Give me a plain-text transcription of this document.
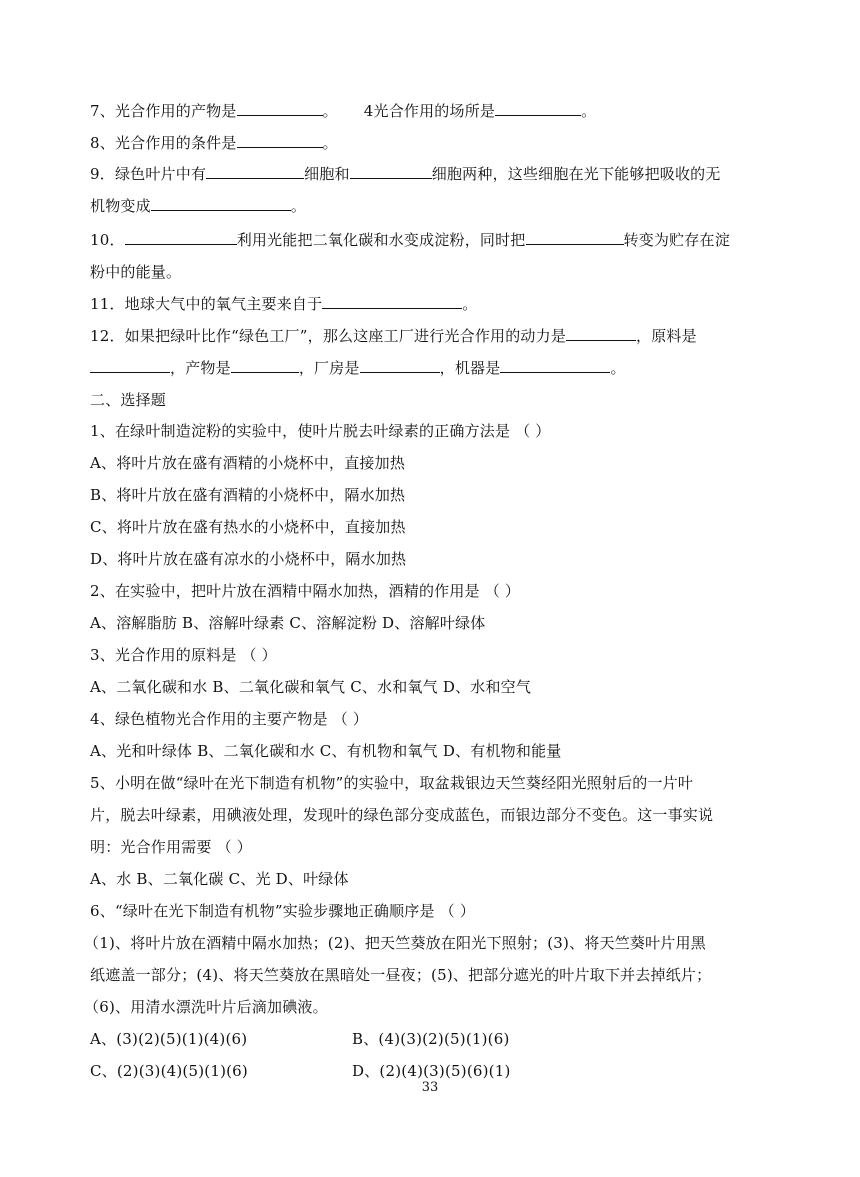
7、光合作用的产物是	。 4光合作用的场所是	。
8、光合作用的条件是	。
9．绿色叶片中有	细胞和	细胞两种，这些细胞在光下能够把吸收的无
机物变成	。
10．	利用光能把二氧化碳和水变成淀粉，同时把	转变为贮存在淀
粉中的能量。
11．地球大气中的氧气主要来自于	。
12．如果把绿叶比作“绿色工厂”，那么这座工厂进行光合作用的动力是	，原料是
，产物是	，厂房是	，机器是	。
二、选择题
1、在绿叶制造淀粉的实验中，使叶片脱去叶绿素的正确方法是 （ ）
A、将叶片放在盛有酒精的小烧杯中，直接加热
B、将叶片放在盛有酒精的小烧杯中，隔水加热
C、将叶片放在盛有热水的小烧杯中，直接加热
D、将叶片放在盛有凉水的小烧杯中，隔水加热
2、在实验中，把叶片放在酒精中隔水加热，酒精的作用是 （ ）
A、溶解脂肪 B、溶解叶绿素 C、溶解淀粉 D、溶解叶绿体
3、光合作用的原料是 （ ）
A、二氧化碳和水 B、二氧化碳和氧气 C、水和氧气 D、水和空气
4、绿色植物光合作用的主要产物是 （ ）
A、光和叶绿体 B、二氧化碳和水 C、有机物和氧气 D、有机物和能量
5、小明在做“绿叶在光下制造有机物”的实验中，取盆栽银边天竺葵经阳光照射后的一片叶
片，脱去叶绿素，用碘液处理，发现叶的绿色部分变成蓝色，而银边部分不变色。这一事实说
明：光合作用需要 （ ）
A、水 B、二氧化碳 C、光 D、叶绿体
6、“绿叶在光下制造有机物”实验步骤地正确顺序是 （ ）
（1)、将叶片放在酒精中隔水加热；(2)、把天竺葵放在阳光下照射；(3)、将天竺葵叶片用黑
纸遮盖一部分；(4)、将天竺葵放在黑暗处一昼夜；(5)、把部分遮光的叶片取下并去掉纸片；
（6)、用清水漂洗叶片后滴加碘液。
A、(3)(2)(5)(1)(4)(6)	B、(4)(3)(2)(5)(1)(6)
C、(2)(3)(4)(5)(1)(6)	D、(2)(4)(3)(5)(6)(1)
33
